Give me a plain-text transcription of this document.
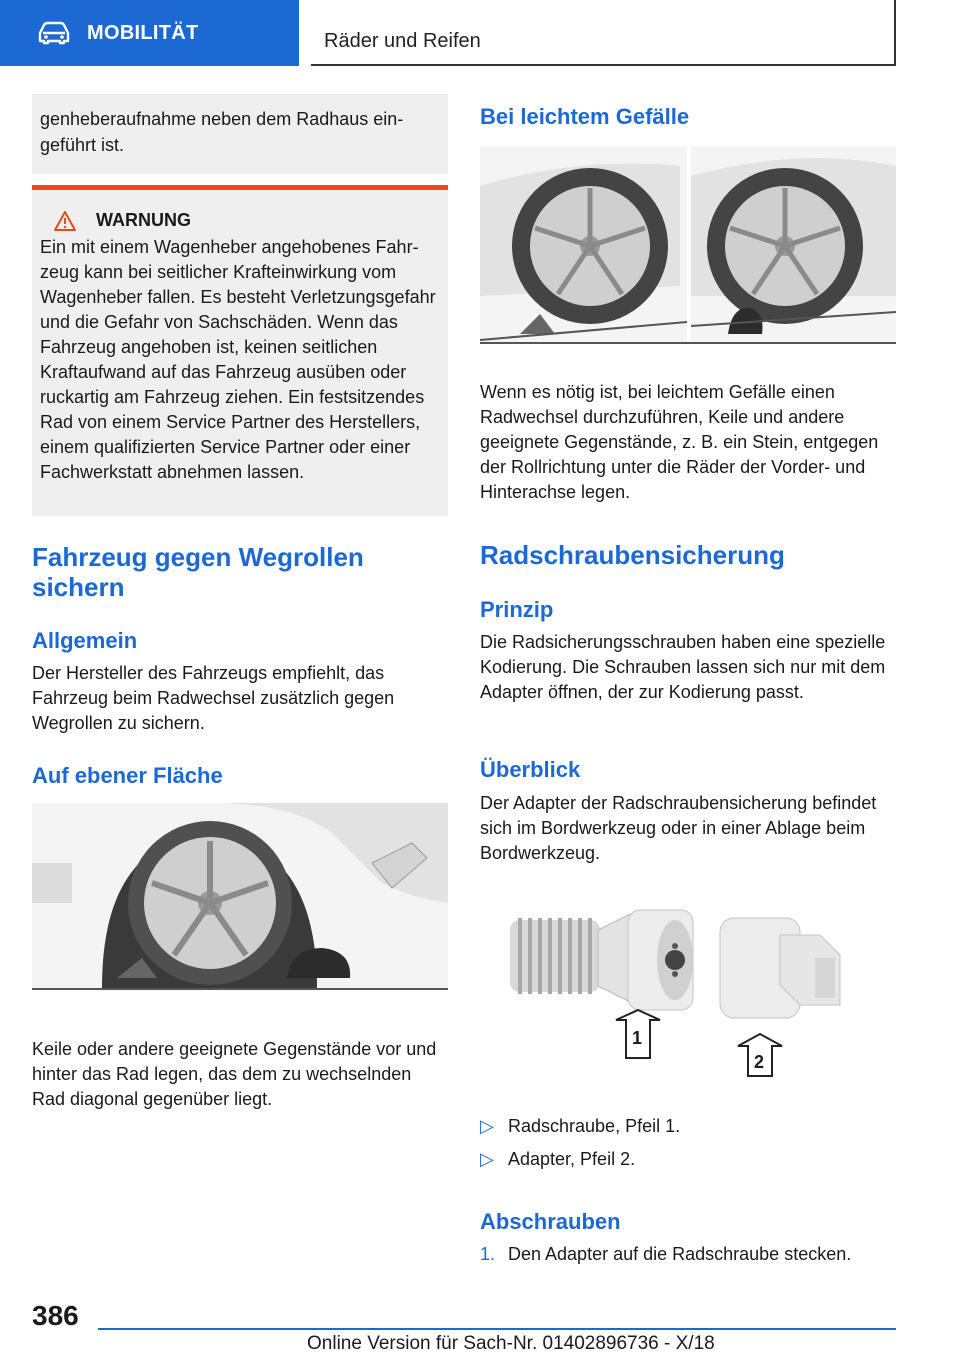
MOBILITÄT	Räder und Reifen
genheberaufnahme neben dem Radhaus eingeführt ist.
WARNUNG
Ein mit einem Wagenheber angehobenes Fahrzeug kann bei seitlicher Krafteinwirkung vom Wagenheber fallen. Es besteht Verletzungsgefahr und die Gefahr von Sachschäden. Wenn das Fahrzeug angehoben ist, keinen seitlichen Kraftaufwand auf das Fahrzeug ausüben oder ruckartig am Fahrzeug ziehen. Ein festsitzendes Rad von einem Service Partner des Herstellers, einem qualifizierten Service Partner oder einer Fachwerkstatt abnehmen lassen.
Fahrzeug gegen Wegrollen sichern
Allgemein
Der Hersteller des Fahrzeugs empfiehlt, das Fahrzeug beim Radwechsel zusätzlich gegen Wegrollen zu sichern.
Auf ebener Fläche
Keile oder andere geeignete Gegenstände vor und hinter das Rad legen, das dem zu wechselnden Rad diagonal gegenüber liegt.
Bei leichtem Gefälle
Wenn es nötig ist, bei leichtem Gefälle einen Radwechsel durchzuführen, Keile und andere geeignete Gegenstände, z. B. ein Stein, entgegen der Rollrichtung unter die Räder der Vorder- und Hinterachse legen.
Radschraubensicherung
Prinzip
Die Radsicherungsschrauben haben eine spezielle Kodierung. Die Schrauben lassen sich nur mit dem Adapter öffnen, der zur Kodierung passt.
Überblick
Der Adapter der Radschraubensicherung befindet sich im Bordwerkzeug oder in einer Ablage beim Bordwerkzeug.
1
2
▷ Radschraube, Pfeil 1.
▷ Adapter, Pfeil 2.
Abschrauben
1. Den Adapter auf die Radschraube stecken.
386
Online Version für Sach-Nr. 01402896736 - X/18
